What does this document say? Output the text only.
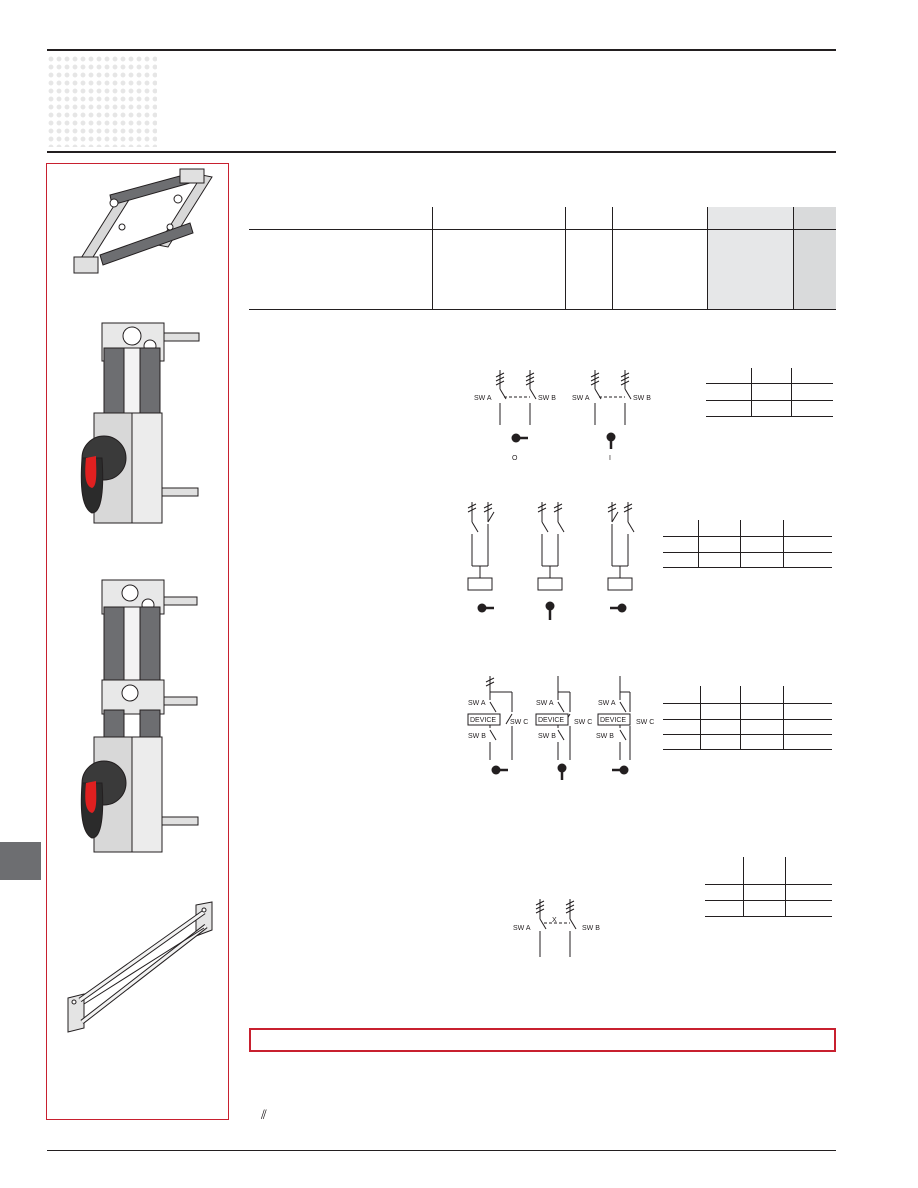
SW A	SW B SW A	SW B
O	I
SW A
DEVICE SW C
SW B
SW A
DEVICE SW C
SW B
SW A
DEVICE SW C
SW B
SW A
X
SW B
⫽
